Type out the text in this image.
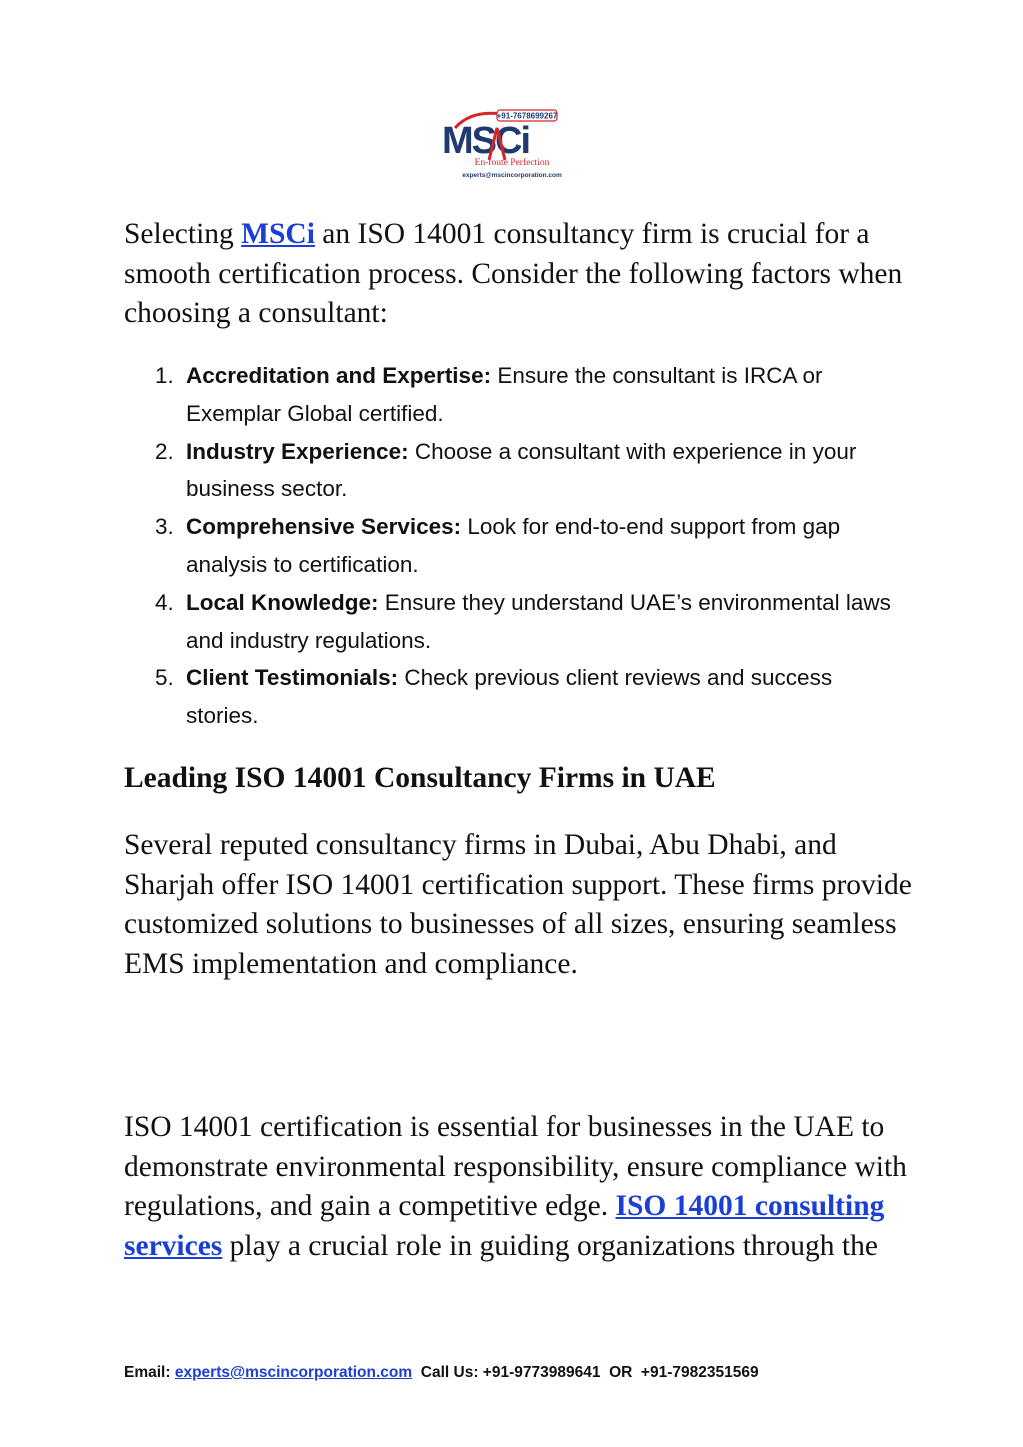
+91-7678699267
MSCi
En-route Perfection
experts@mscincorporation.com

Selecting MSCi an ISO 14001 consultancy firm is crucial for a smooth certification process. Consider the following factors when choosing a consultant:

1. Accreditation and Expertise: Ensure the consultant is IRCA or Exemplar Global certified.
2. Industry Experience: Choose a consultant with experience in your business sector.
3. Comprehensive Services: Look for end-to-end support from gap analysis to certification.
4. Local Knowledge: Ensure they understand UAE’s environmental laws and industry regulations.
5. Client Testimonials: Check previous client reviews and success stories.
Leading ISO 14001 Consultancy Firms in UAE

Several reputed consultancy firms in Dubai, Abu Dhabi, and Sharjah offer ISO 14001 certification support. These firms provide customized solutions to businesses of all sizes, ensuring seamless EMS implementation and compliance.

ISO 14001 certification is essential for businesses in the UAE to demonstrate environmental responsibility, ensure compliance with regulations, and gain a competitive edge. ISO 14001 consulting services play a crucial role in guiding organizations through the

Email: experts@mscincorporation.com  Call Us: +91-9773989641  OR  +91-7982351569
